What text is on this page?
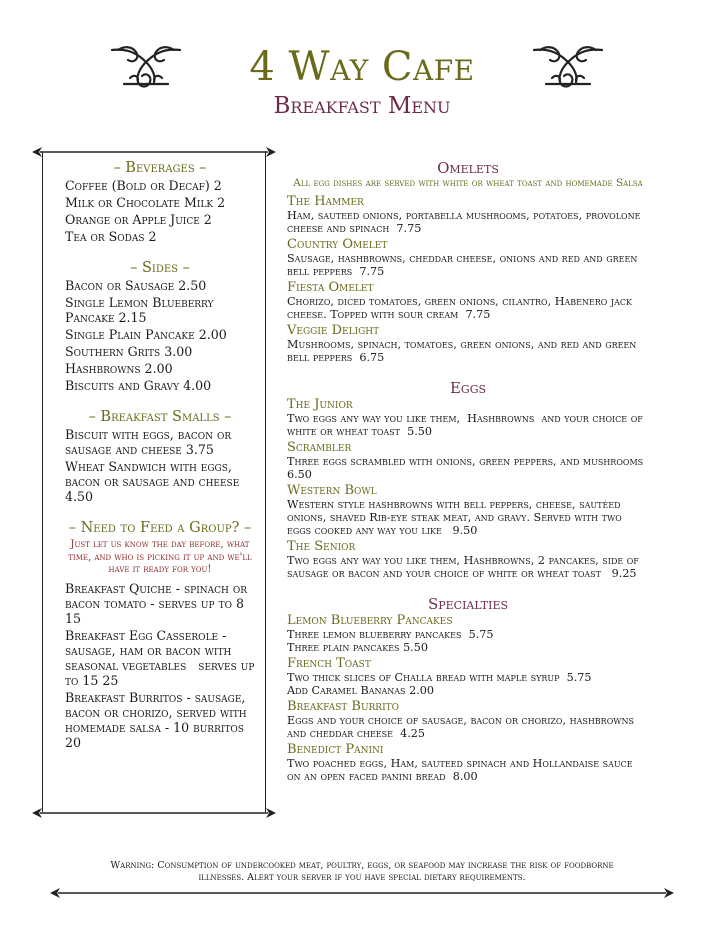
4 Way Cafe
Breakfast Menu
– Beverages –
Coffee (Bold or Decaf) 2
Milk or Chocolate Milk 2
Orange or Apple Juice 2
Tea or Sodas 2
– Sides –
Bacon or Sausage 2.50
Single Lemon Blueberry Pancake 2.15
Single Plain Pancake 2.00
Southern Grits 3.00
Hashbrowns 2.00
Biscuits and Gravy 4.00
– Breakfast Smalls –
Biscuit with eggs, bacon or sausage and cheese 3.75
Wheat Sandwich with eggs, bacon or sausage and cheese 4.50
– Need to Feed a Group? –
Just let us know the day before, what time, and who is picking it up and we'll have it ready for you!
Breakfast Quiche - spinach or bacon tomato - serves up to 8 15
Breakfast Egg Casserole - sausage, ham or bacon with seasonal vegetables   serves up to 15 25
Breakfast Burritos - sausage, bacon or chorizo, served with homemade salsa - 10 burritos 20
Omelets
All egg dishes are served with white or wheat toast and homemade Salsa
The Hammer
Ham, sauteed onions, portabella mushrooms, potatoes, provolone cheese and spinach  7.75
Country Omelet
Sausage, hashbrowns, cheddar cheese, onions and red and green bell peppers  7.75
Fiesta Omelet
Chorizo, diced tomatoes, green onions, cilantro, Habenero jack cheese. Topped with sour cream  7.75
Veggie Delight
Mushrooms, spinach, tomatoes, green onions, and red and green bell peppers  6.75
Eggs
The Junior
Two eggs any way you like them,  Hashbrowns  and your choice of white or wheat toast  5.50
Scrambler
Three eggs scrambled with onions, green peppers, and mushrooms   6.50
Western Bowl
Western style hashbrowns with bell peppers, cheese, sautéed onions, shaved Rib-eye steak meat, and gravy. Served with two eggs cooked any way you like   9.50
The Senior
Two eggs any way you like them, Hashbrowns, 2 pancakes, side of sausage or bacon and your choice of white or wheat toast   9.25
Specialties
Lemon Blueberry Pancakes
Three lemon blueberry pancakes  5.75
Three plain pancakes 5.50
French Toast
Two thick slices of Challa bread with maple syrup  5.75
Add Caramel Bananas 2.00
Breakfast Burrito
Eggs and your choice of sausage, bacon or chorizo, hashbrowns and cheddar cheese  4.25
Benedict Panini
Two poached eggs, Ham, sauteed spinach and Hollandaise sauce on an open faced panini bread  8.00
Warning: Consumption of undercooked meat, poultry, eggs, or seafood may increase the risk of foodborne illnesses. Alert your server if you have special dietary requirements.
